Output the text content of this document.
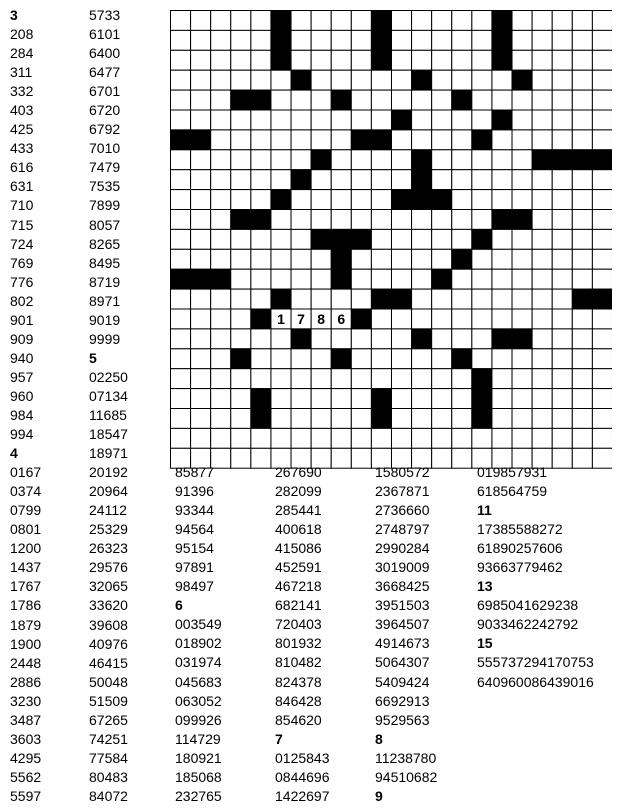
1 7 8 6
3
208
284
311
332
403
425
433
616
631
710
715
724
769
776
802
901
909
940
957
960
984
994
4
0167
0374
0799
0801
1200
1437
1767
1786
1879
1900
2448
2886
3230
3487
3603
4295
5562
5597
5733
6101
6400
6477
6701
6720
6792
7010
7479
7535
7899
8057
8265
8495
8719
8971
9019
9999
5
02250
07134
11685
18547
18971
20192
20964
24112
25329
26323
29576
32065
33620
39608
40976
46415
50048
51509
67265
74251
77584
80483
84072
85877
91396
93344
94564
95154
97891
98497
6
003549
018902
031974
045683
063052
099926
114729
180921
185068
232765
267690
282099
285441
400618
415086
452591
467218
682141
720403
801932
810482
824378
846428
854620
7
0125843
0844696
1422697
1580572
2367871
2736660
2748797
2990284
3019009
3668425
3951503
3964507
4914673
5064307
5409424
6692913
9529563
8
11238780
94510682
9
019857931
618564759
11
17385588272
61890257606
93663779462
13
6985041629238
9033462242792
15
555737294170753
640960086439016
